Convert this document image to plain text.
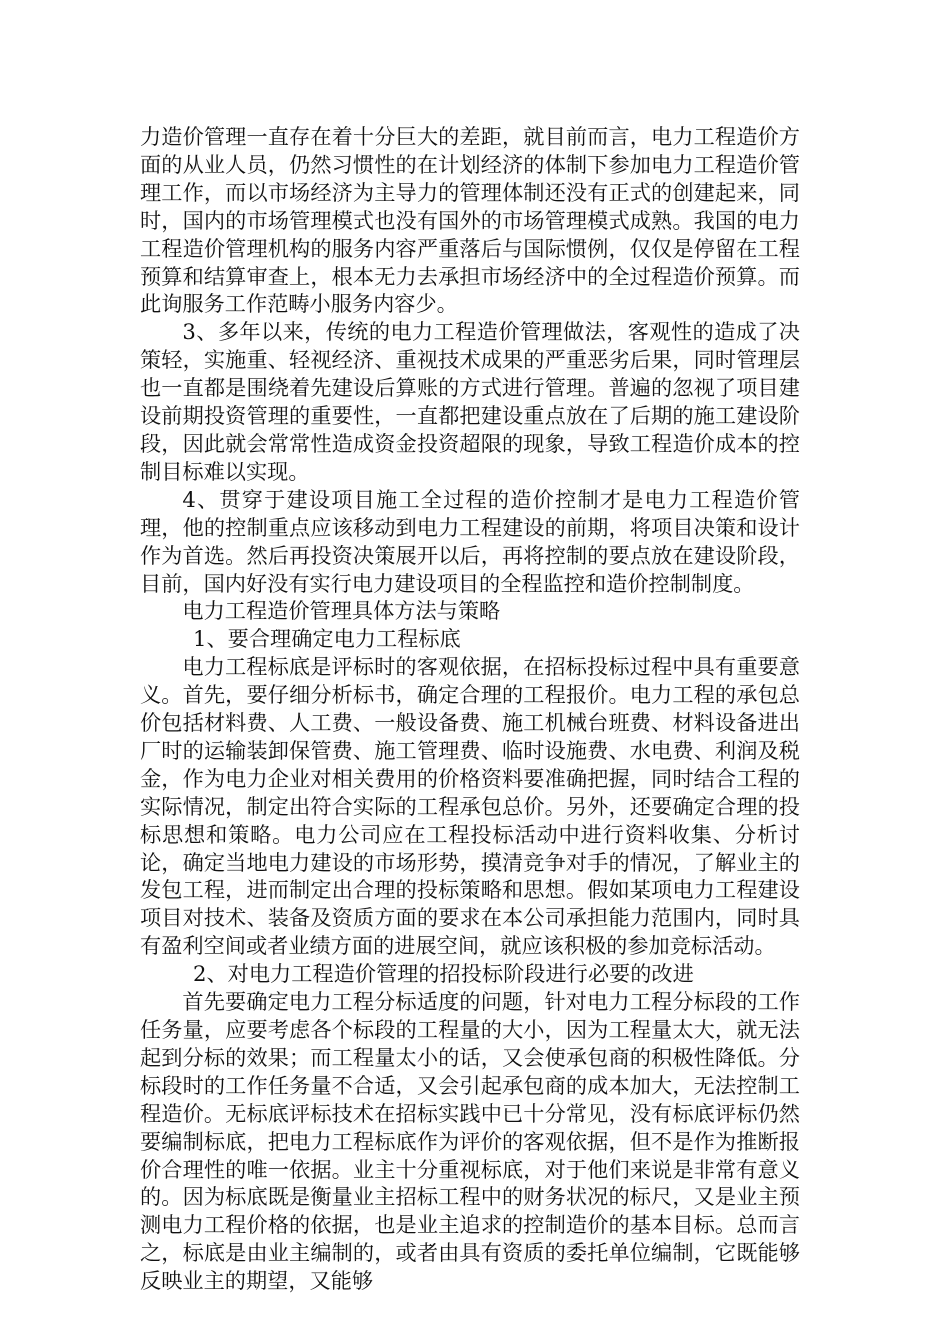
力造价管理一直存在着十分巨大的差距，就目前而言，电力工程造价方面的从业人员，仍然习惯性的在计划经济的体制下参加电力工程造价管理工作，而以市场经济为主导力的管理体制还没有正式的创建起来，同时，国内的市场管理模式也没有国外的市场管理模式成熟。我国的电力工程造价管理机构的服务内容严重落后与国际惯例，仅仅是停留在工程预算和结算审查上，根本无力去承担市场经济中的全过程造价预算。而此询服务工作范畴小服务内容少。

3、多年以来，传统的电力工程造价管理做法，客观性的造成了决策轻，实施重、轻视经济、重视技术成果的严重恶劣后果，同时管理层也一直都是围绕着先建设后算账的方式进行管理。普遍的忽视了项目建设前期投资管理的重要性，一直都把建设重点放在了后期的施工建设阶段，因此就会常常性造成资金投资超限的现象，导致工程造价成本的控制目标难以实现。

4、贯穿于建设项目施工全过程的造价控制才是电力工程造价管理，他的控制重点应该移动到电力工程建设的前期，将项目决策和设计作为首选。然后再投资决策展开以后，再将控制的要点放在建设阶段，目前，国内好没有实行电力建设项目的全程监控和造价控制制度。

电力工程造价管理具体方法与策略

1、要合理确定电力工程标底

电力工程标底是评标时的客观依据，在招标投标过程中具有重要意义。首先，要仔细分析标书，确定合理的工程报价。电力工程的承包总价包括材料费、人工费、一般设备费、施工机械台班费、材料设备进出厂时的运输装卸保管费、施工管理费、临时设施费、水电费、利润及税金，作为电力企业对相关费用的价格资料要准确把握，同时结合工程的实际情况，制定出符合实际的工程承包总价。另外，还要确定合理的投标思想和策略。电力公司应在工程投标活动中进行资料收集、分析讨论，确定当地电力建设的市场形势，摸清竞争对手的情况，了解业主的发包工程，进而制定出合理的投标策略和思想。假如某项电力工程建设项目对技术、装备及资质方面的要求在本公司承担能力范围内，同时具有盈利空间或者业绩方面的进展空间，就应该积极的参加竞标活动。

2、对电力工程造价管理的招投标阶段进行必要的改进

首先要确定电力工程分标适度的问题，针对电力工程分标段的工作任务量，应要考虑各个标段的工程量的大小，因为工程量太大，就无法起到分标的效果；而工程量太小的话，又会使承包商的积极性降低。分标段时的工作任务量不合适，又会引起承包商的成本加大，无法控制工程造价。无标底评标技术在招标实践中已十分常见，没有标底评标仍然要编制标底，把电力工程标底作为评价的客观依据，但不是作为推断报价合理性的唯一依据。业主十分重视标底，对于他们来说是非常有意义的。因为标底既是衡量业主招标工程中的财务状况的标尺，又是业主预测电力工程价格的依据，也是业主追求的控制造价的基本目标。总而言之，标底是由业主编制的，或者由具有资质的委托单位编制，它既能够反映业主的期望，又能够
